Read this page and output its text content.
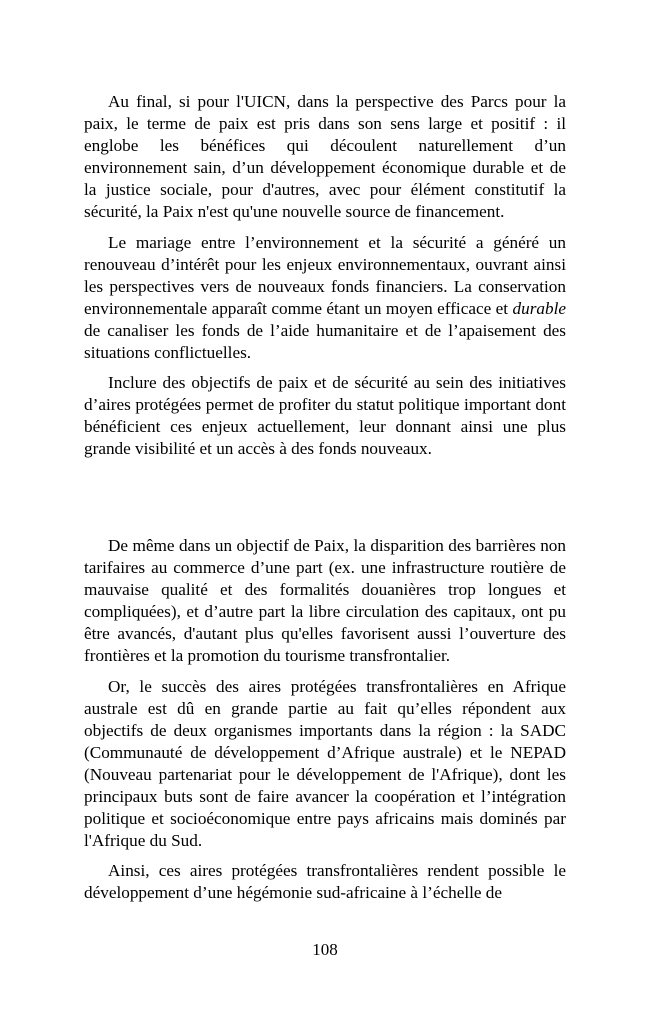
Au final, si pour l'UICN, dans la perspective des Parcs pour la paix, le terme de paix est pris dans son sens large et positif : il englobe les bénéfices qui découlent naturellement d’un environnement sain, d’un développement économique durable et de la justice sociale, pour d'autres, avec pour élément constitutif la sécurité, la Paix n'est qu'une nouvelle source de financement.

Le mariage entre l’environnement et la sécurité a généré un renouveau d’intérêt pour les enjeux environnementaux, ouvrant ainsi les perspectives vers de nouveaux fonds financiers. La conservation environnementale apparaît comme étant un moyen efficace et durable de canaliser les fonds de l’aide humanitaire et de l’apaisement des situations conflictuelles.

Inclure des objectifs de paix et de sécurité au sein des initiatives d’aires protégées permet de profiter du statut politique important dont bénéficient ces enjeux actuellement, leur donnant ainsi une plus grande visibilité et un accès à des fonds nouveaux.

De même dans un objectif de Paix, la disparition des barrières non tarifaires au commerce d’une part (ex. une infrastructure routière de mauvaise qualité et des formalités douanières trop longues et compliquées), et d’autre part la libre circulation des capitaux, ont pu être avancés, d'autant plus qu'elles favorisent aussi l’ouverture des frontières et la promotion du tourisme transfrontalier.

Or, le succès des aires protégées transfrontalières en Afrique australe est dû en grande partie au fait qu’elles répondent aux objectifs de deux organismes importants dans la région : la SADC (Communauté de développement d’Afrique australe) et le NEPAD (Nouveau partenariat pour le développement de l'Afrique), dont les principaux buts sont de faire avancer la coopération et l’intégration politique et socioéconomique entre pays africains mais dominés par l'Afrique du Sud.

Ainsi, ces aires protégées transfrontalières rendent possible le développement d’une hégémonie sud-africaine à l’échelle de

108
